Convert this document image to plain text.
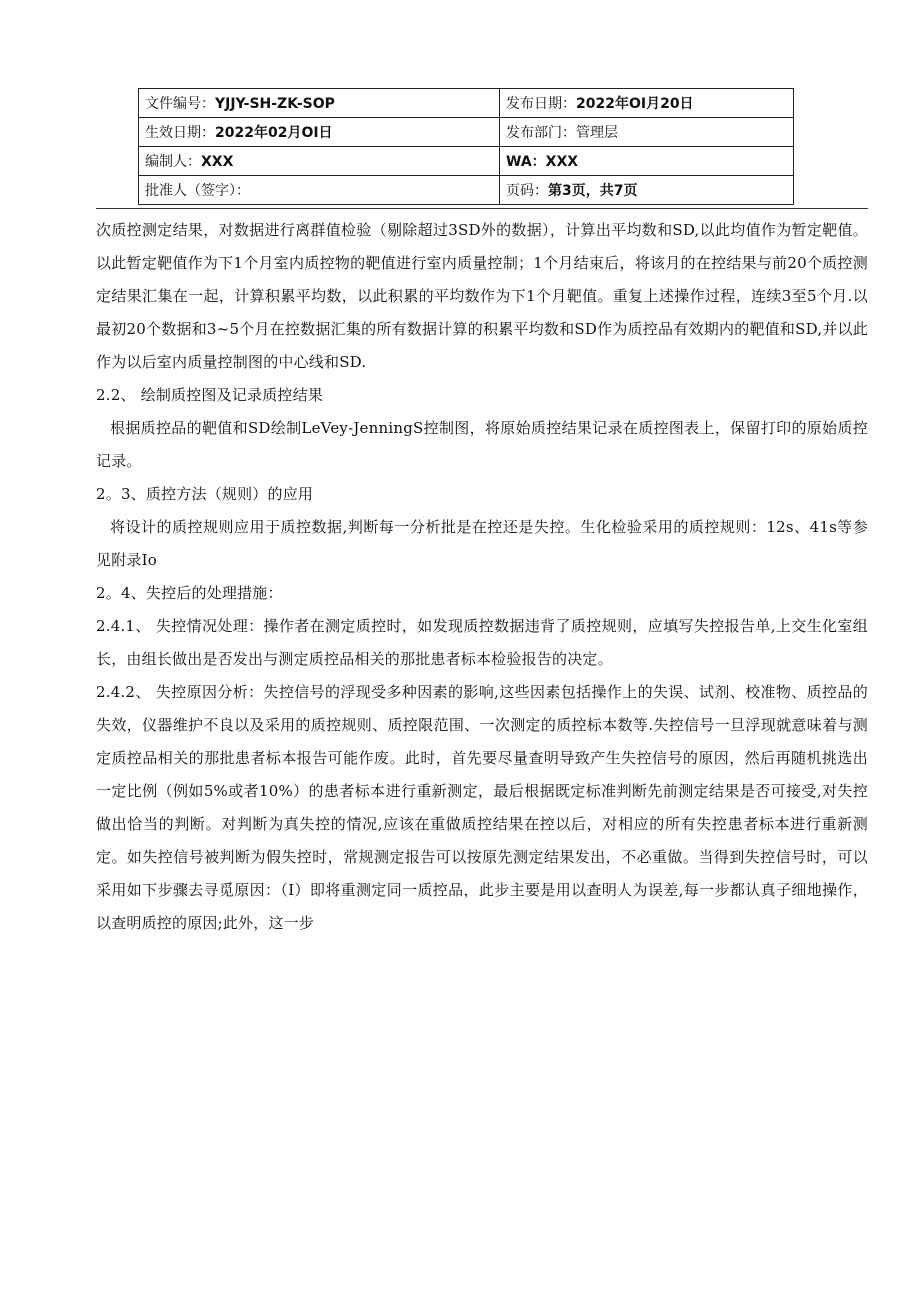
文件编号：YJJY-SH-ZK-SOP	发布日期：2022年OI月20日
生效日期：2022年02月OI日	发布部门：管理层
编制人：XXX	WA：XXX
批准人（签字）：	页码：第3页，共7页

次质控测定结果，对数据进行离群值检验（剔除超过3SD外的数据），计算出平均数和SD,以此均值作为暂定靶值。以此暂定靶值作为下1个月室内质控物的靶值进行室内质量控制；1个月结束后，将该月的在控结果与前20个质控测定结果汇集在一起，计算积累平均数，以此积累的平均数作为下1个月靶值。重复上述操作过程，连续3至5个月.以最初20个数据和3~5个月在控数据汇集的所有数据计算的积累平均数和SD作为质控品有效期内的靶值和SD,并以此作为以后室内质量控制图的中心线和SD.

2.2、 绘制质控图及记录质控结果

根据质控品的靶值和SD绘制LeVey-JenningS控制图，将原始质控结果记录在质控图表上，保留打印的原始质控记录。

2。3、质控方法（规则）的应用

将设计的质控规则应用于质控数据,判断每一分析批是在控还是失控。生化检验采用的质控规则：12s、41s等参见附录Io

2。4、失控后的处理措施：

2.4.1、 失控情况处理：操作者在测定质控时，如发现质控数据违背了质控规则，应填写失控报告单,上交生化室组长，由组长做出是否发出与测定质控品相关的那批患者标本检验报告的决定。

2.4.2、 失控原因分析：失控信号的浮现受多种因素的影响,这些因素包括操作上的失误、试剂、校准物、质控品的失效，仪器维护不良以及采用的质控规则、质控限范围、一次测定的质控标本数等.失控信号一旦浮现就意味着与测定质控品相关的那批患者标本报告可能作废。此时，首先要尽量查明导致产生失控信号的原因，然后再随机挑选出一定比例（例如5%或者10%）的患者标本进行重新测定，最后根据既定标准判断先前测定结果是否可接受,对失控做出恰当的判断。对判断为真失控的情况,应该在重做质控结果在控以后，对相应的所有失控患者标本进行重新测定。如失控信号被判断为假失控时，常规测定报告可以按原先测定结果发出，不必重做。当得到失控信号时，可以采用如下步骤去寻觅原因：（I）即将重测定同一质控品，此步主要是用以查明人为误差,每一步都认真子细地操作，以查明质控的原因;此外，这一步
